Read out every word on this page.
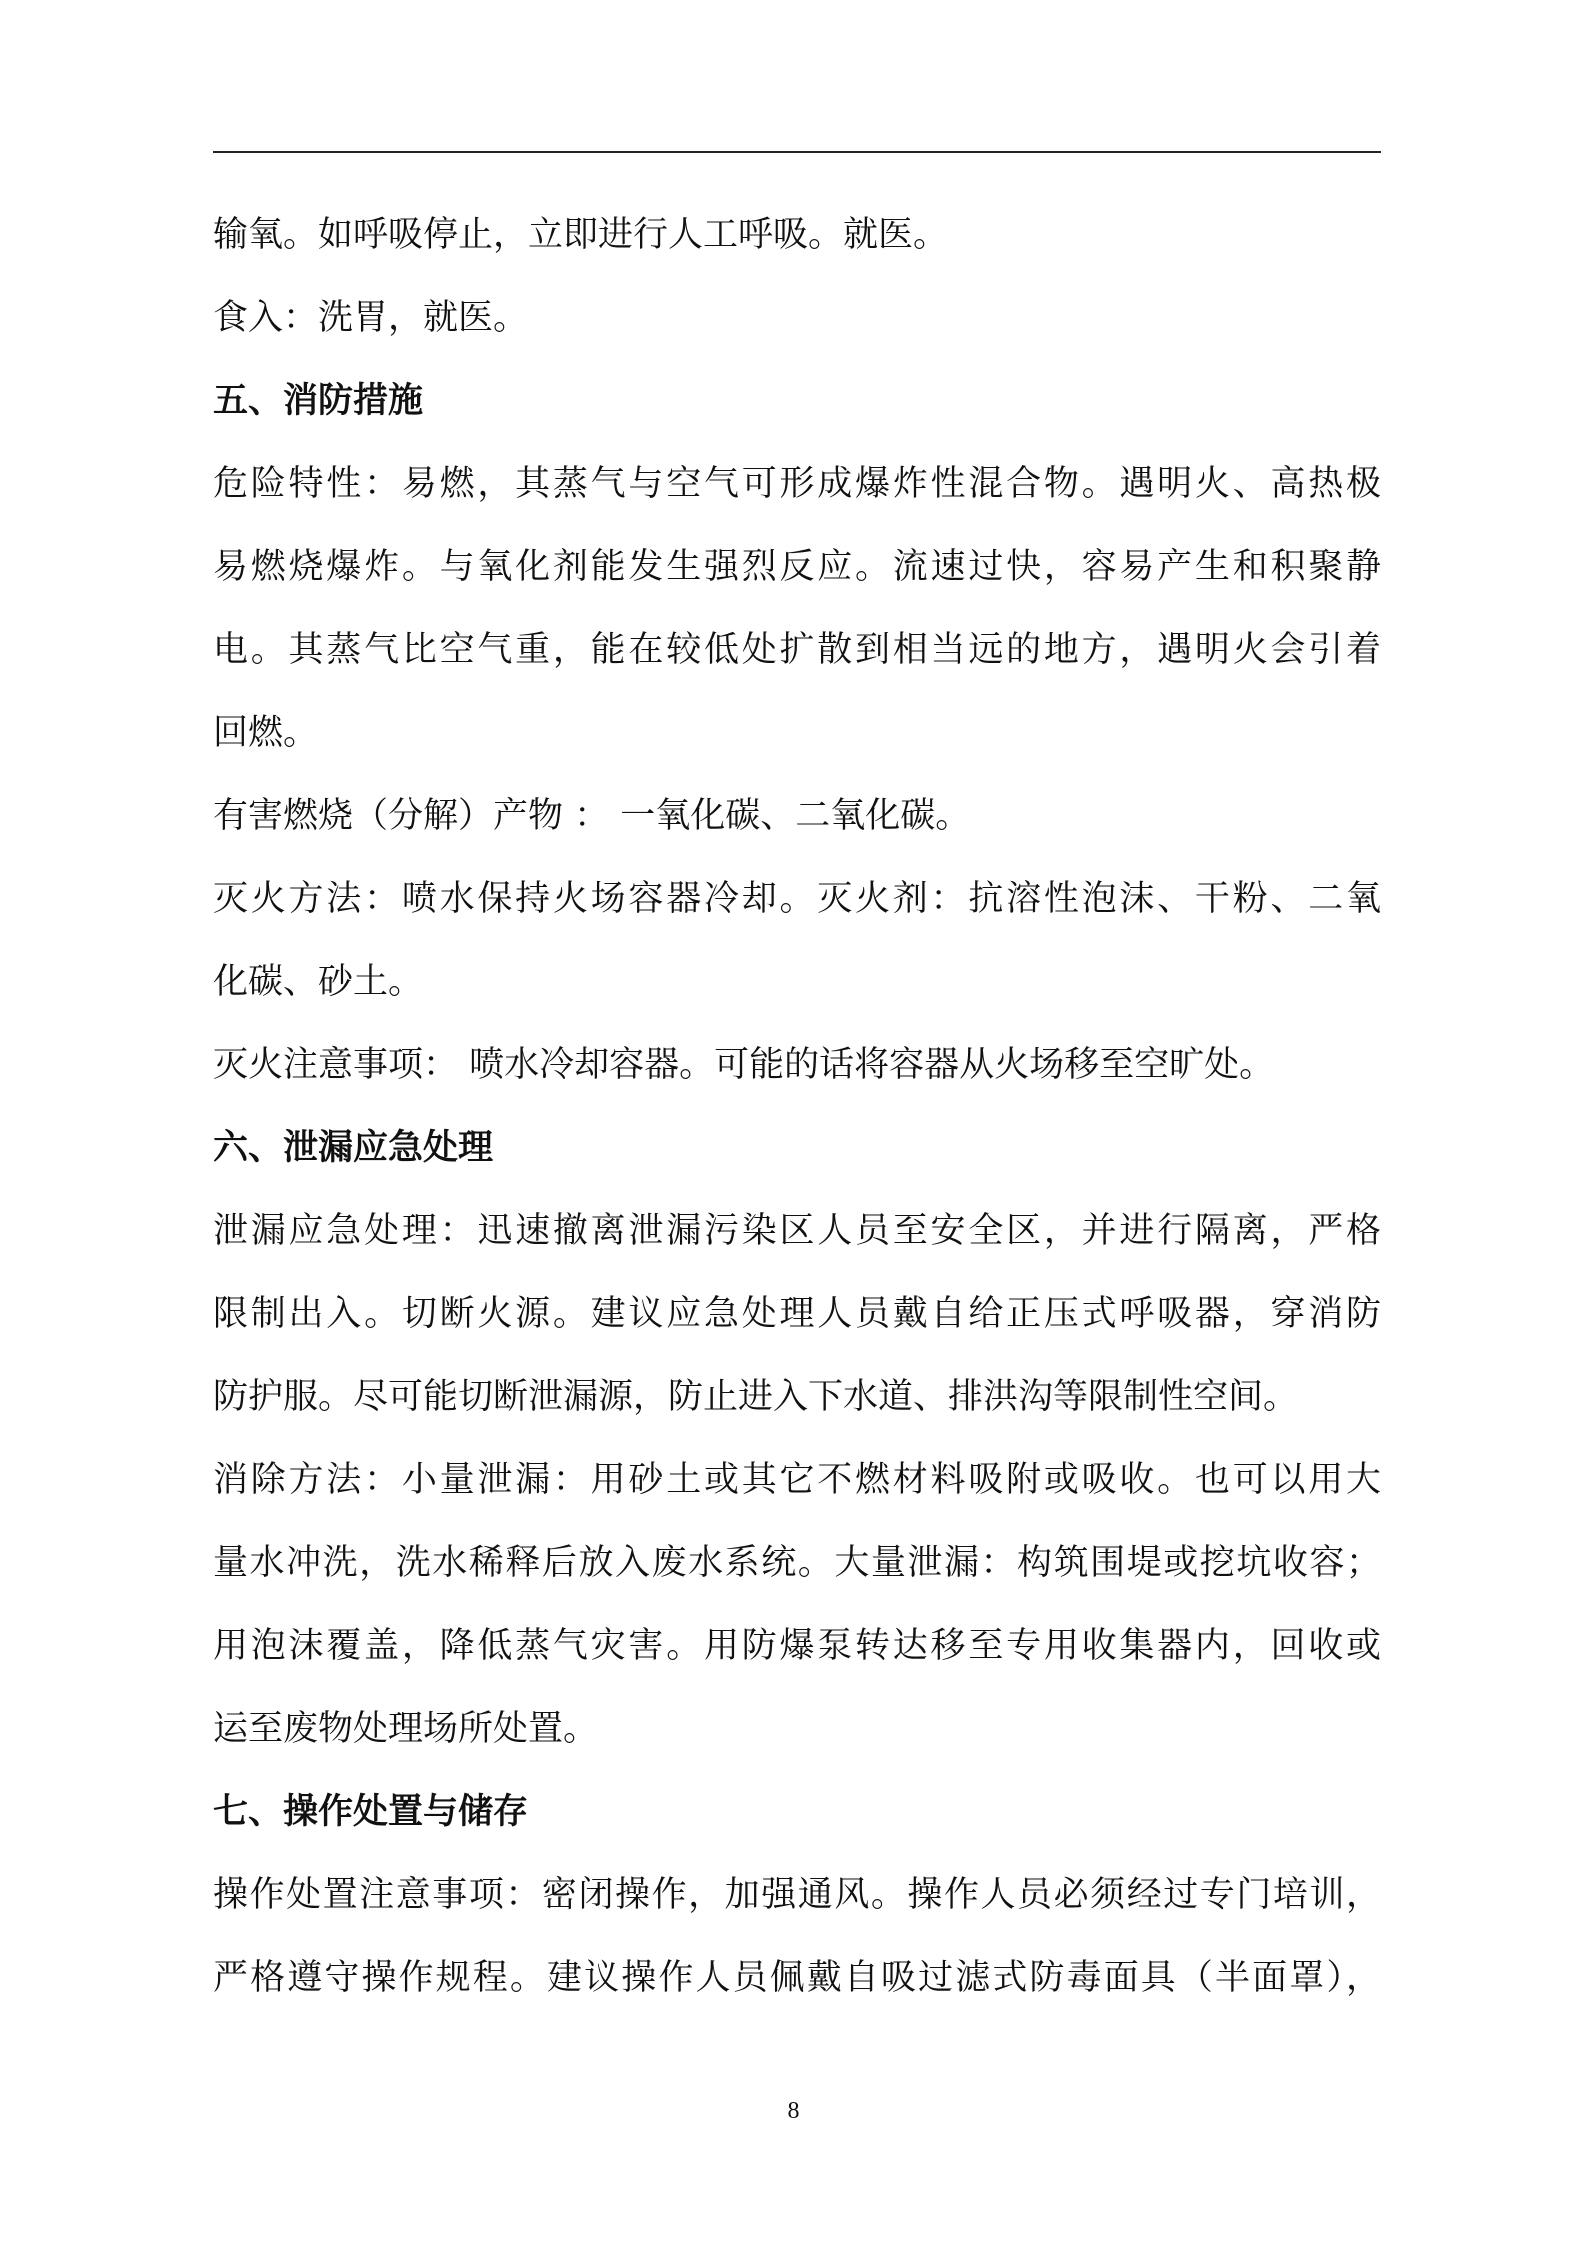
输氧。如呼吸停止，立即进行人工呼吸。就医。
食入：洗胃，就医。
五、消防措施
危险特性：易燃，其蒸气与空气可形成爆炸性混合物。遇明火、高热极
易燃烧爆炸。与氧化剂能发生强烈反应。流速过快，容易产生和积聚静
电。其蒸气比空气重，能在较低处扩散到相当远的地方，遇明火会引着
回燃。
有害燃烧（分解）产物 ： 一氧化碳、二氧化碳。
灭火方法：喷水保持火场容器冷却。灭火剂：抗溶性泡沫、干粉、二氧
化碳、砂土。
灭火注意事项： 喷水冷却容器。可能的话将容器从火场移至空旷处。
六、泄漏应急处理
泄漏应急处理：迅速撤离泄漏污染区人员至安全区，并进行隔离，严格
限制出入。切断火源。建议应急处理人员戴自给正压式呼吸器，穿消防
防护服。尽可能切断泄漏源，防止进入下水道、排洪沟等限制性空间。
消除方法：小量泄漏：用砂土或其它不燃材料吸附或吸收。也可以用大
量水冲洗，洗水稀释后放入废水系统。大量泄漏：构筑围堤或挖坑收容；
用泡沫覆盖，降低蒸气灾害。用防爆泵转达移至专用收集器内，回收或
运至废物处理场所处置。
七、操作处置与储存
操作处置注意事项：密闭操作，加强通风。操作人员必须经过专门培训，
严格遵守操作规程。建议操作人员佩戴自吸过滤式防毒面具（半面罩），
8
